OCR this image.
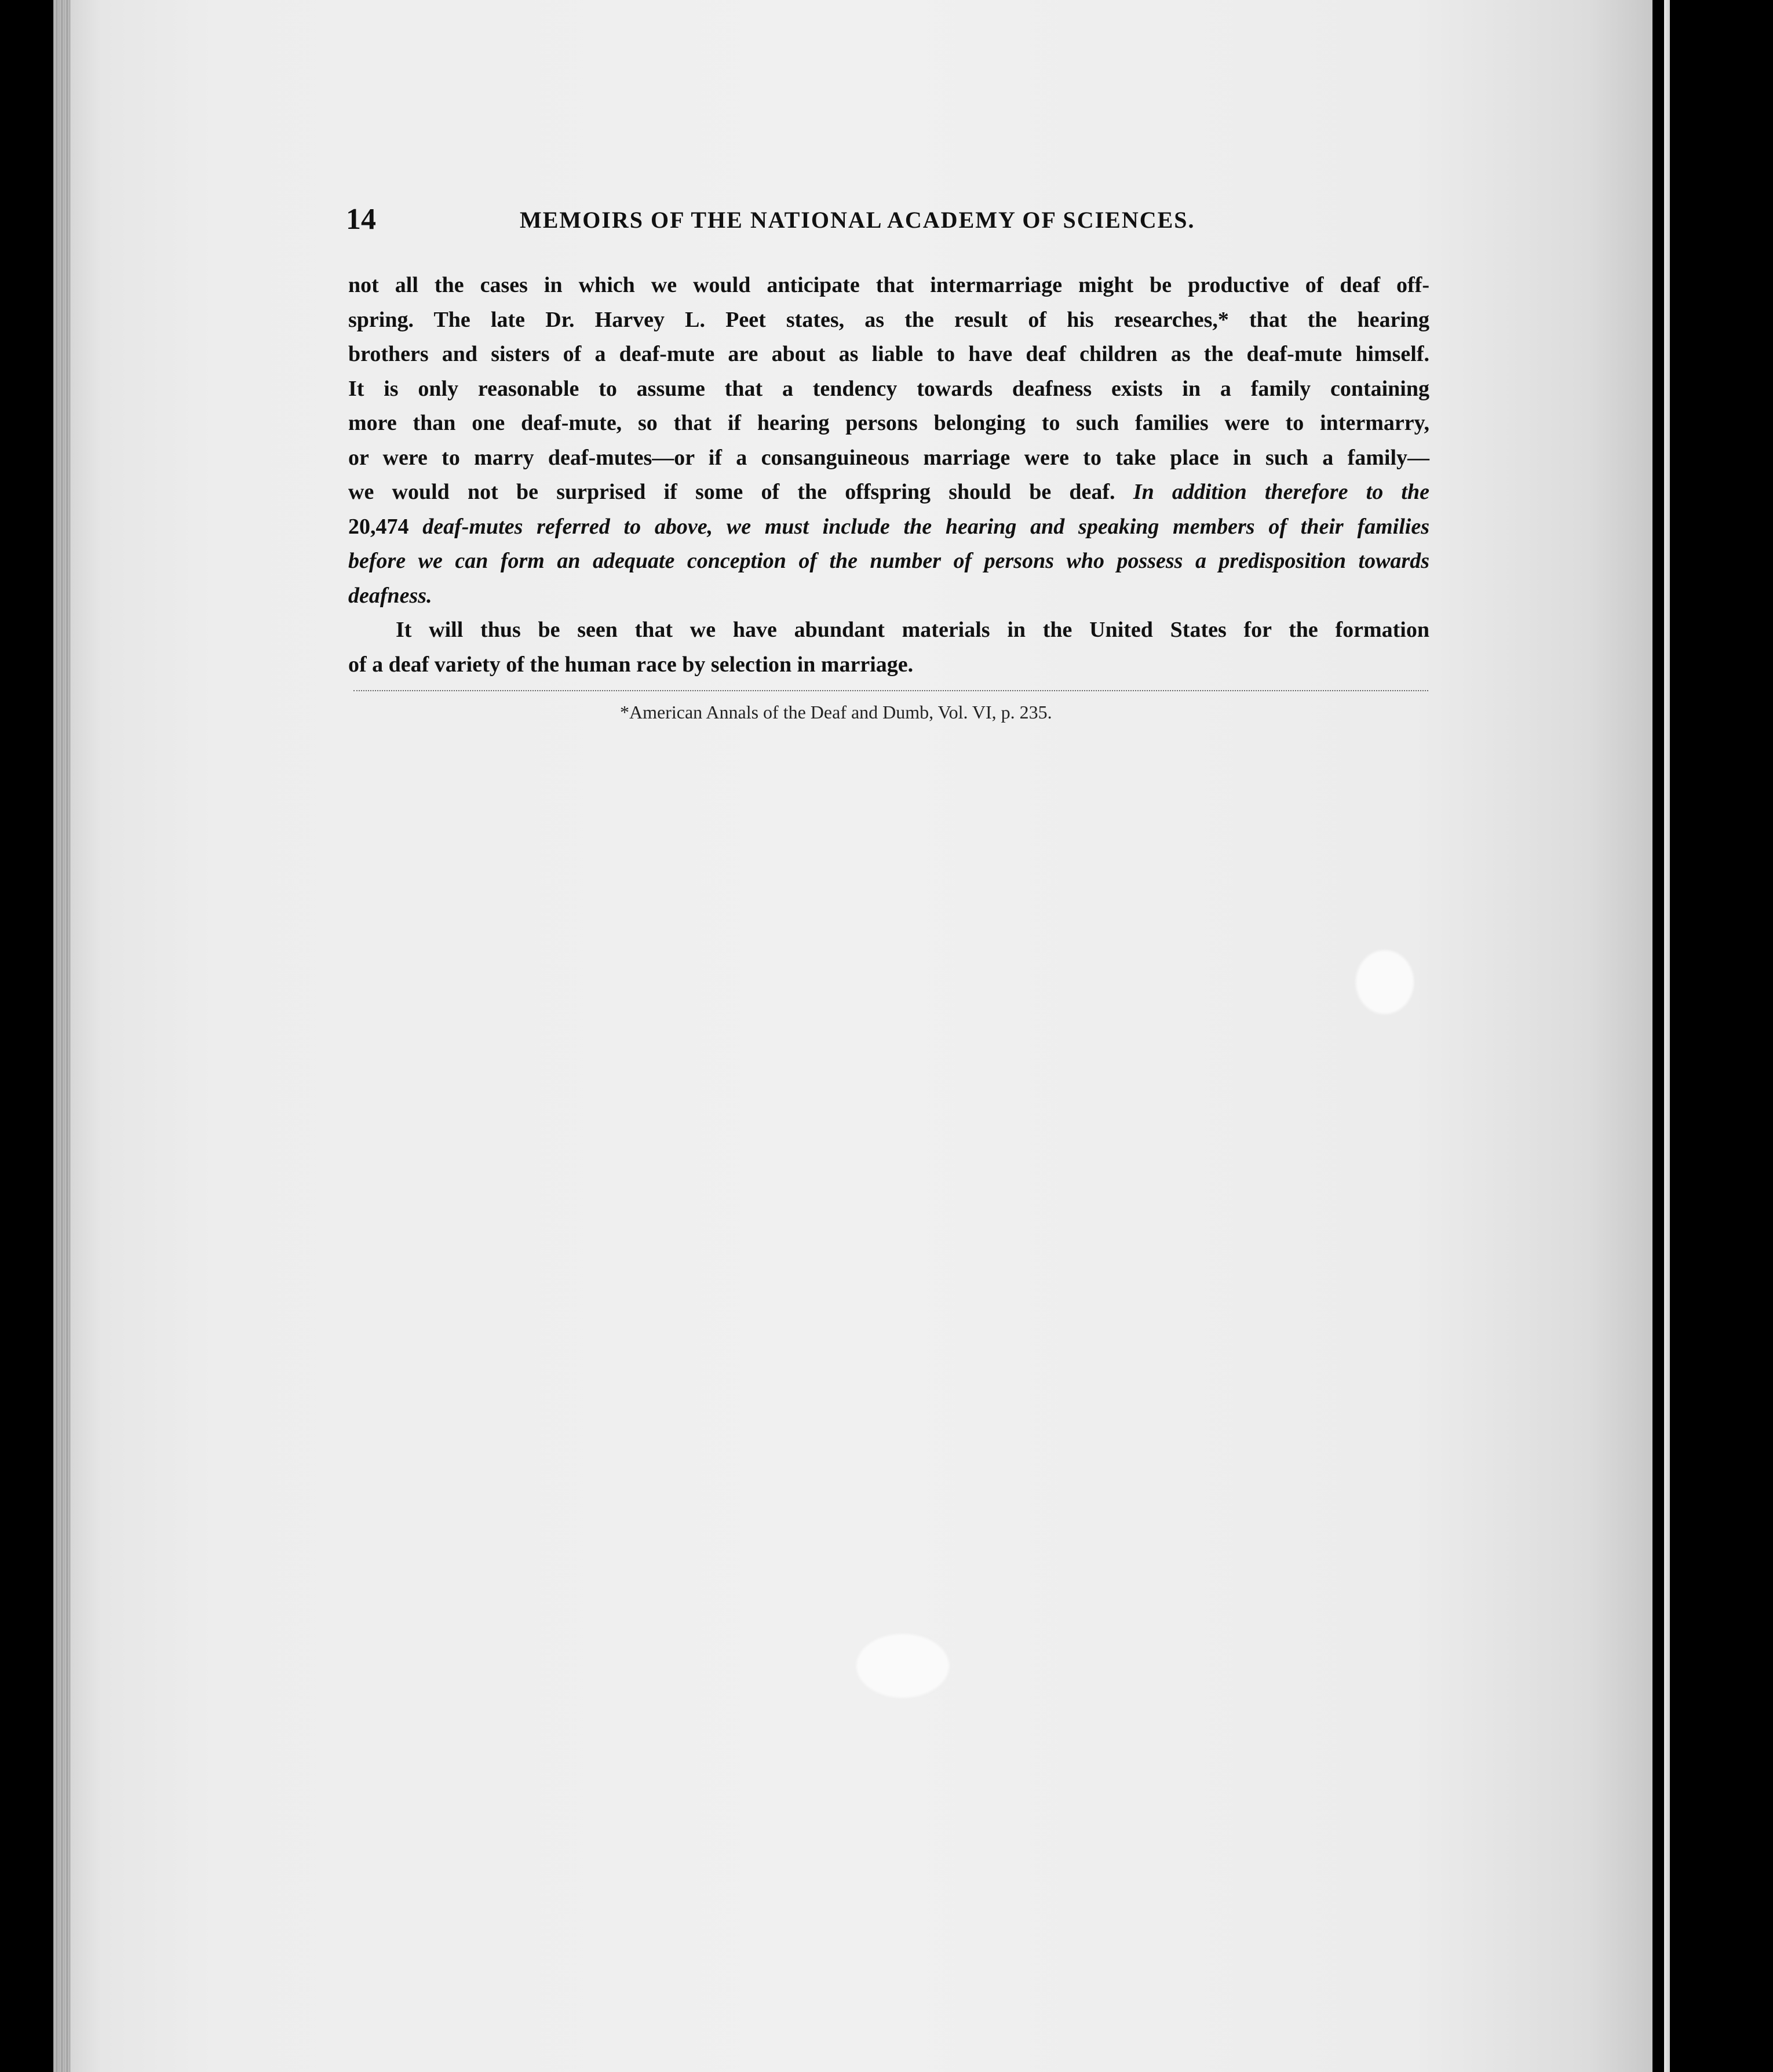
14	MEMOIRS OF THE NATIONAL ACADEMY OF SCIENCES.
not all the cases in which we would anticipate that intermarriage might be productive of deaf off-
spring. The late Dr. Harvey L. Peet states, as the result of his researches,* that the hearing
brothers and sisters of a deaf-mute are about as liable to have deaf children as the deaf-mute himself.
It is only reasonable to assume that a tendency towards deafness exists in a family containing
more than one deaf-mute, so that if hearing persons belonging to such families were to intermarry,
or were to marry deaf-mutes—or if a consanguineous marriage were to take place in such a family—
we would not be surprised if some of the offspring should be deaf. In addition therefore to the
20,474 deaf-mutes referred to above, we must include the hearing and speaking members of their families
before we can form an adequate conception of the number of persons who possess a predisposition towards
deafness.
It will thus be seen that we have abundant materials in the United States for the formation
of a deaf variety of the human race by selection in marriage.
*American Annals of the Deaf and Dumb, Vol. VI, p. 235.
